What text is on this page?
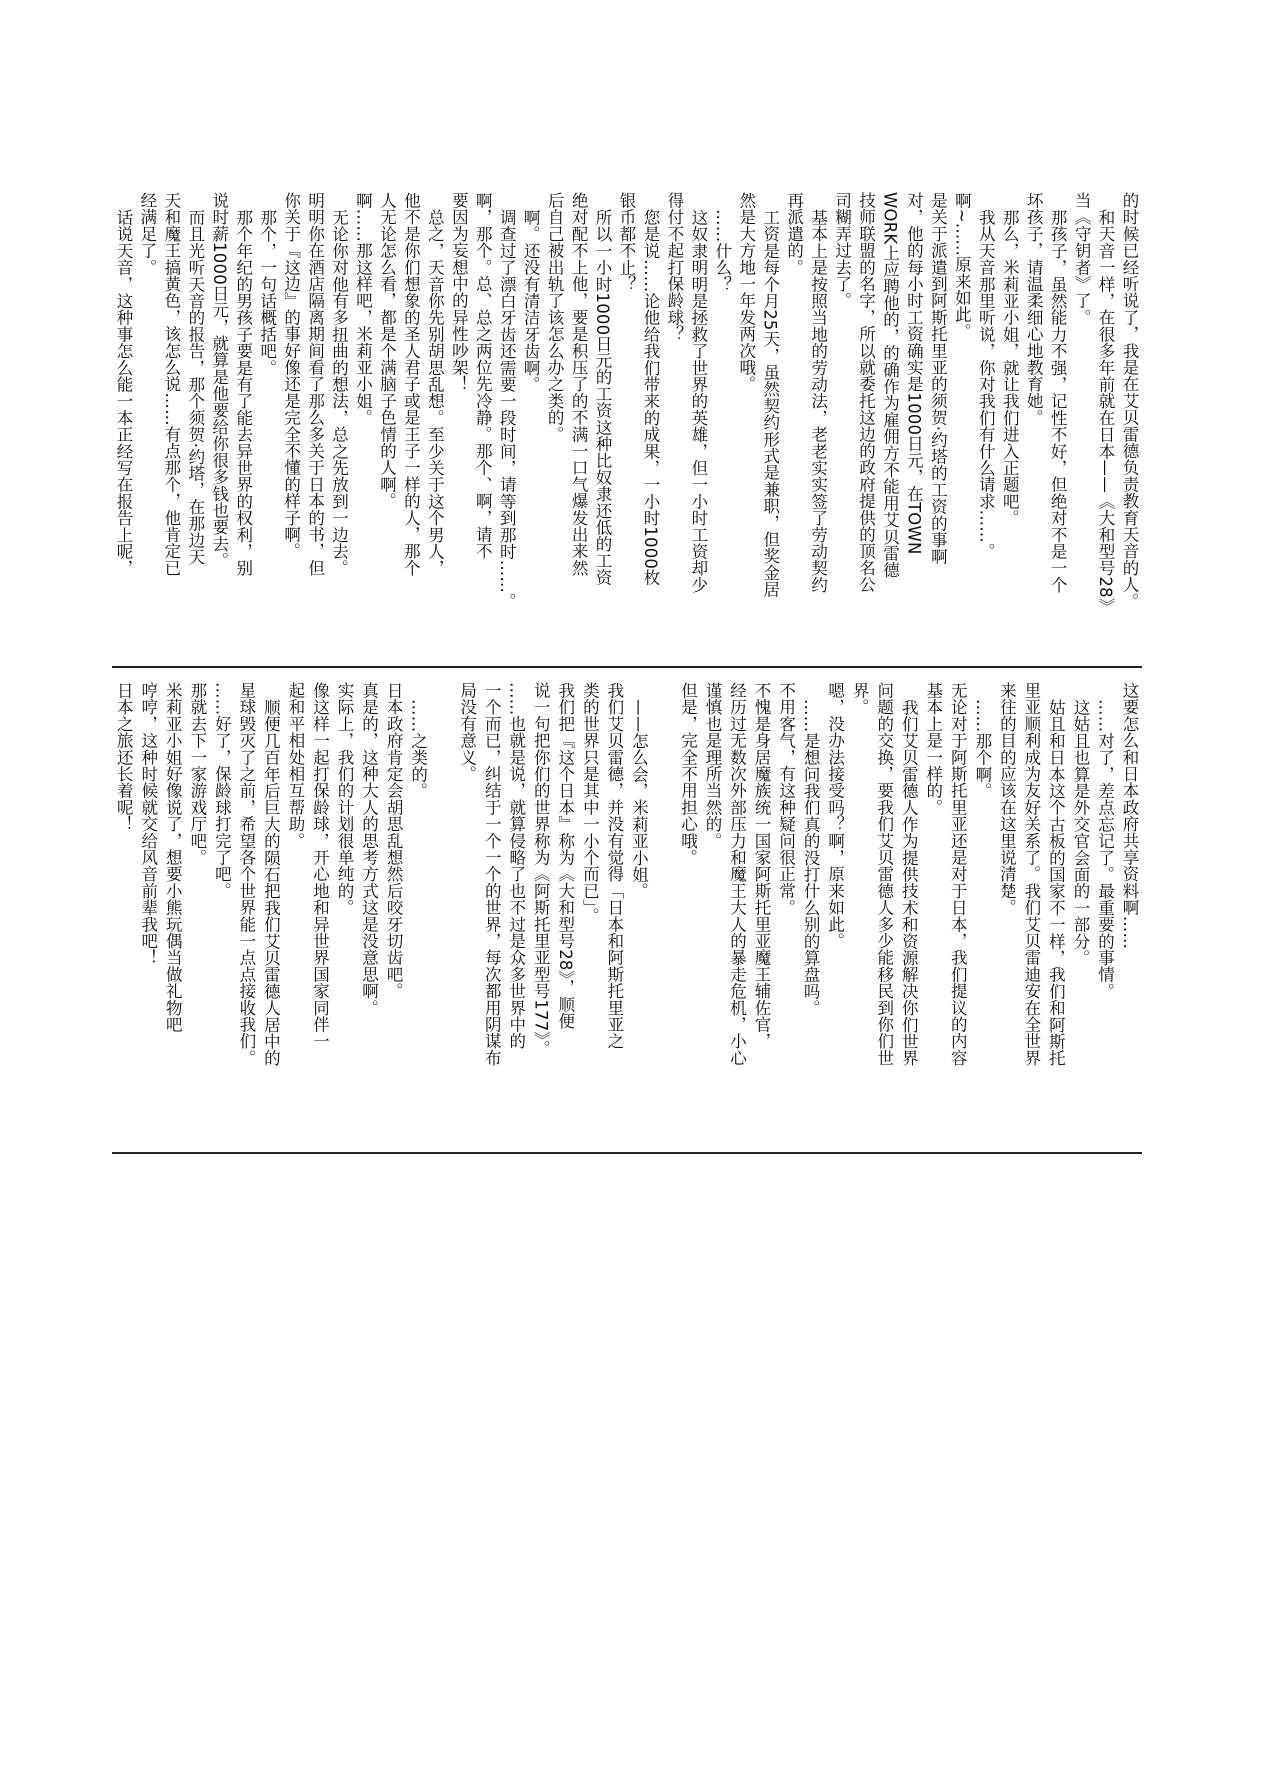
的时候已经听说了，我是在艾贝雷德负责教育天音的人。
和天音一样，在很多年前就在日本——《大和型号28》
当《守钥者》了。
那孩子，虽然能力不强，记性不好，但绝对不是一个
坏孩子，请温柔细心地教育她。
那么，米莉亚小姐，就让我们进入正题吧。
我从天音那里听说，你对我们有什么请求……。
啊~……原来如此。
是关于派遣到阿斯托里亚的须贺·约塔的工资的事啊
对，他的每小时工资确实是1000日元，在TOWN
WORK上应聘他的，的确作为雇佣方不能用艾贝雷德
技师联盟的名字，所以就委托这边的政府提供的顶名公
司糊弄过去了。
基本上是按照当地的劳动法，老老实实签了劳动契约
再派遣的。
工资是每个月25天，虽然契约形式是兼职，但奖金居
然是大方地一年发两次哦。
……什么？
这奴隶明明是拯救了世界的英雄，但一小时工资却少
得付不起打保龄球？
您是说……论他给我们带来的成果，一小时1000枚
银币都不止？
所以一小时1000日元的工资这种比奴隶还低的工资
绝对配不上他，要是积压了的不满一口气爆发出来然
后自己被出轨了该怎么办之类的。
啊。还没有清洁牙齿啊。
调查过了漂白牙齿还需要一段时间，请等到那时……。
啊，那个。总、总之两位先冷静。那个、啊，请不
要因为妄想中的异性吵架！
总之，天音你先别胡思乱想。至少关于这个男人，
他不是你们想象的圣人君子或是王子一样的人，那个
人无论怎么看，都是个满脑子色情的人啊。
啊……那这样吧，米莉亚小姐。
无论你对他有多扭曲的想法，总之先放到一边去。
明明你在酒店隔离期间看了那么多关于日本的书，但
你关于『这边』的事好像还是完全不懂的样子啊。
那个，一句话概括吧。
那个年纪的男孩子要是有了能去异世界的权利，别
说时薪1000日元，就算是他要给你很多钱也要去。
而且光听天音的报告，那个须贺·约塔，在那边天
天和魔王搞黄色，该怎么说……有点那个，他肯定已
经满足了。
话说天音，这种事怎么能一本正经写在报告上呢，
这要怎么和日本政府共享资料啊……
……对了，差点忘记了。最重要的事情。
这姑且也算是外交官会面的一部分。
姑且和日本这个古板的国家不一样，我们和阿斯托
里亚顺利成为友好关系了。我们艾贝雷迪安在全世界
来往的目的应该在这里说清楚。
……那个啊。
无论对于阿斯托里亚还是对于日本，我们提议的内容
基本上是一样的。
我们艾贝雷德人作为提供技术和资源解决你们世界
问题的交换，要我们艾贝雷德人多少能移民到你们世
界。
嗯，没办法接受吗？啊，原来如此。
……是想问我们真的没打什么别的算盘吗。
不用客气，有这种疑问很正常。
不愧是身居魔族统一国家阿斯托里亚魔王辅佐官，
经历过无数次外部压力和魔王大人的暴走危机，小心
谨慎也是理所当然的。
但是，完全不用担心哦。
——怎么会，米莉亚小姐。
我们艾贝雷德，并没有觉得「日本和阿斯托里亚之
类的世界只是其中一小个而已」。
我们把『这个日本』称为《大和型号28》，顺便
说一句把你们的世界称为《阿斯托里亚型号177》。
……也就是说，就算侵略了也不过是众多世界中的
一个而已，纠结于一个一个的世界，每次都用阴谋布
局没有意义。
……之类的。
日本政府肯定会胡思乱想然后咬牙切齿吧。
真是的，这种大人的思考方式这是没意思啊。
实际上，我们的计划很单纯的。
像这样一起打保龄球，开心地和异世界国家同伴一
起和平相处相互帮助。
顺便几百年后巨大的陨石把我们艾贝雷德人居中的
星球毁灭了之前，希望各个世界能一点点接收我们。
……好了，保龄球打完了吧。
那就去下一家游戏厅吧。
米莉亚小姐好像说了，想要小熊玩偶当做礼物吧
哼哼，这种时候就交给风音前辈我吧！
日本之旅还长着呢！
